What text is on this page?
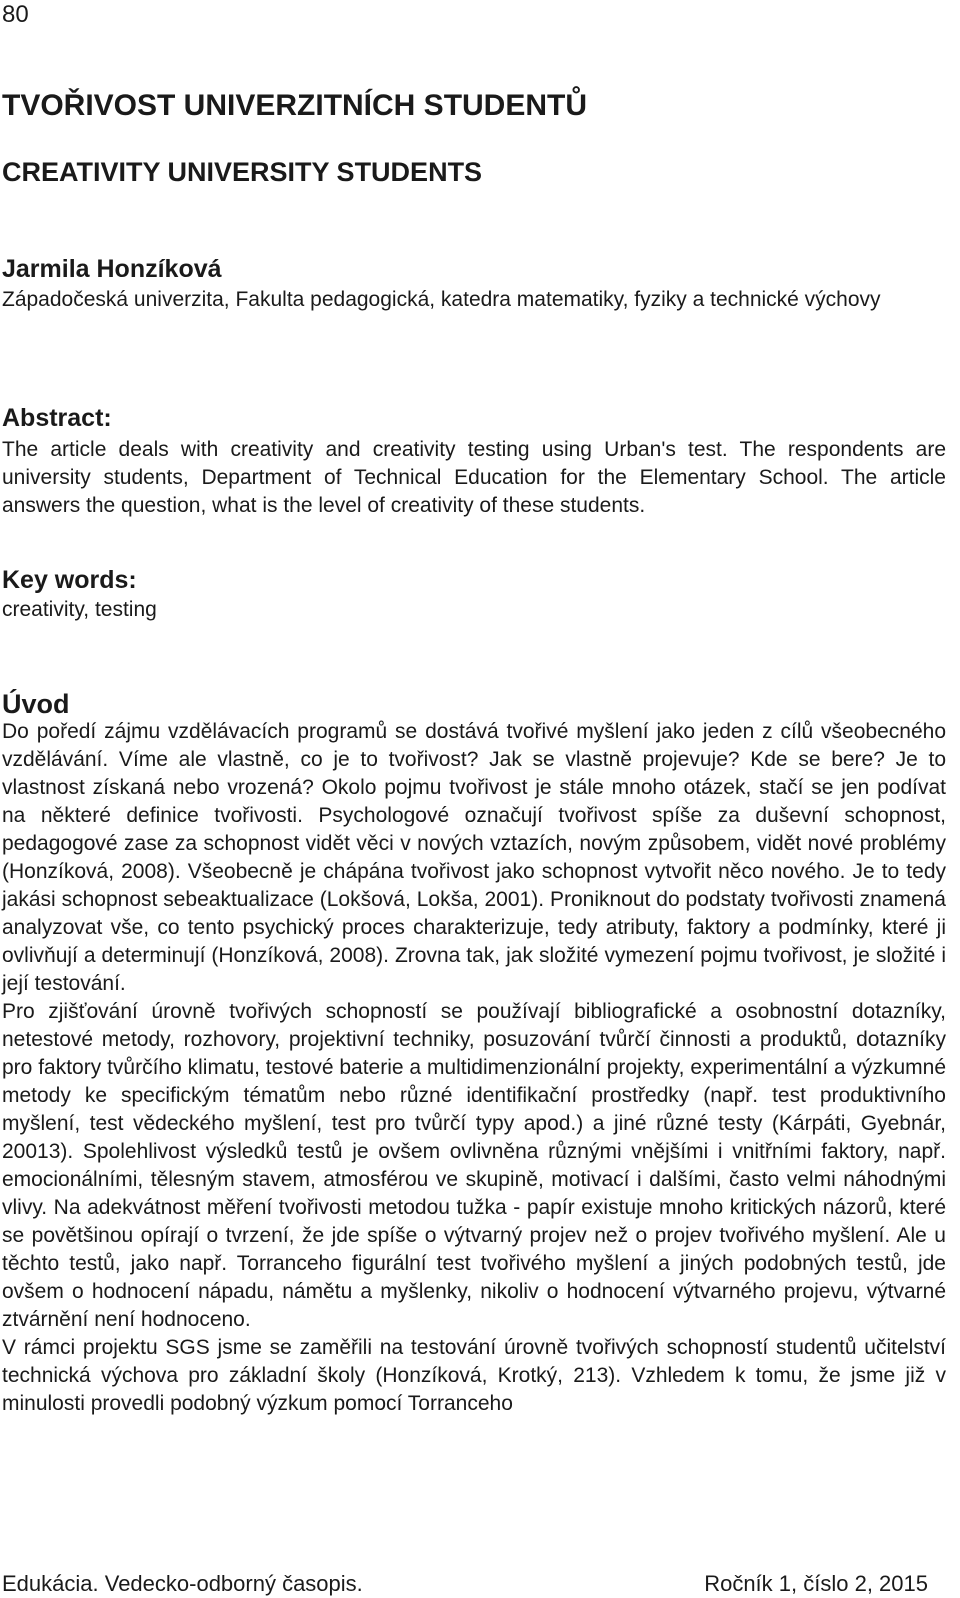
80
TVOŘIVOST UNIVERZITNÍCH STUDENTŮ
CREATIVITY UNIVERSITY STUDENTS
Jarmila Honzíková
Západočeská univerzita, Fakulta pedagogická, katedra matematiky, fyziky a technické výchovy
Abstract:
The article deals with creativity and creativity testing using Urban's test. The respondents are university students, Department of Technical Education for the Elementary School. The article answers the question, what is the level of creativity of these students.
Key words:
creativity, testing
Úvod

Do poředí zájmu vzdělávacích programů se dostává tvořivé myšlení jako jeden z cílů všeobecného vzdělávání. Víme ale vlastně, co je to tvořivost? Jak se vlastně projevuje? Kde se bere? Je to vlastnost získaná nebo vrozená? Okolo pojmu tvořivost je stále mnoho otázek, stačí se jen podívat na některé definice tvořivosti. Psychologové označují tvořivost spíše za duševní schopnost, pedagogové zase za schopnost vidět věci v nových vztazích, novým způsobem, vidět nové problémy (Honzíková, 2008). Všeobecně je chápána tvořivost jako schopnost vytvořit něco nového. Je to tedy jakási schopnost sebeaktualizace (Lokšová, Lokša, 2001). Proniknout do podstaty tvořivosti znamená analyzovat vše, co tento psychický proces charakterizuje, tedy atributy, faktory a podmínky, které ji ovlivňují a determinují (Honzíková, 2008). Zrovna tak, jak složité vymezení pojmu tvořivost, je složité i její testování.

Pro zjišťování úrovně tvořivých schopností se používají bibliografické a osobnostní dotazníky, netestové metody, rozhovory, projektivní techniky, posuzování tvůrčí činnosti a produktů, dotazníky pro faktory tvůrčího klimatu, testové baterie a multidimenzionální projekty, experimentální a výzkumné metody ke specifickým tématům nebo různé identifikační prostředky (např. test produktivního myšlení, test vědeckého myšlení, test pro tvůrčí typy apod.) a jiné různé testy (Kárpáti, Gyebnár, 20013). Spolehlivost výsledků testů je ovšem ovlivněna různými vnějšími i vnitřními faktory, např. emocionálními, tělesným stavem, atmosférou ve skupině, motivací i dalšími, často velmi náhodnými vlivy. Na adekvátnost měření tvořivosti metodou tužka - papír existuje mnoho kritických názorů, které se povětšinou opírají o tvrzení, že jde spíše o výtvarný projev než o projev tvořivého myšlení. Ale u těchto testů, jako např. Torranceho figurální test tvořivého myšlení a jiných podobných testů, jde ovšem o hodnocení nápadu, námětu a myšlenky, nikoliv o hodnocení výtvarného projevu, výtvarné ztvárnění není hodnoceno.

V rámci projektu SGS jsme se zaměřili na testování úrovně tvořivých schopností studentů učitelství technická výchova pro základní školy (Honzíková, Krotký, 213). Vzhledem k tomu, že jsme již v minulosti provedli podobný výzkum pomocí Torranceho

Edukácia. Vedecko-odborný časopis.	Ročník 1, číslo 2, 2015
